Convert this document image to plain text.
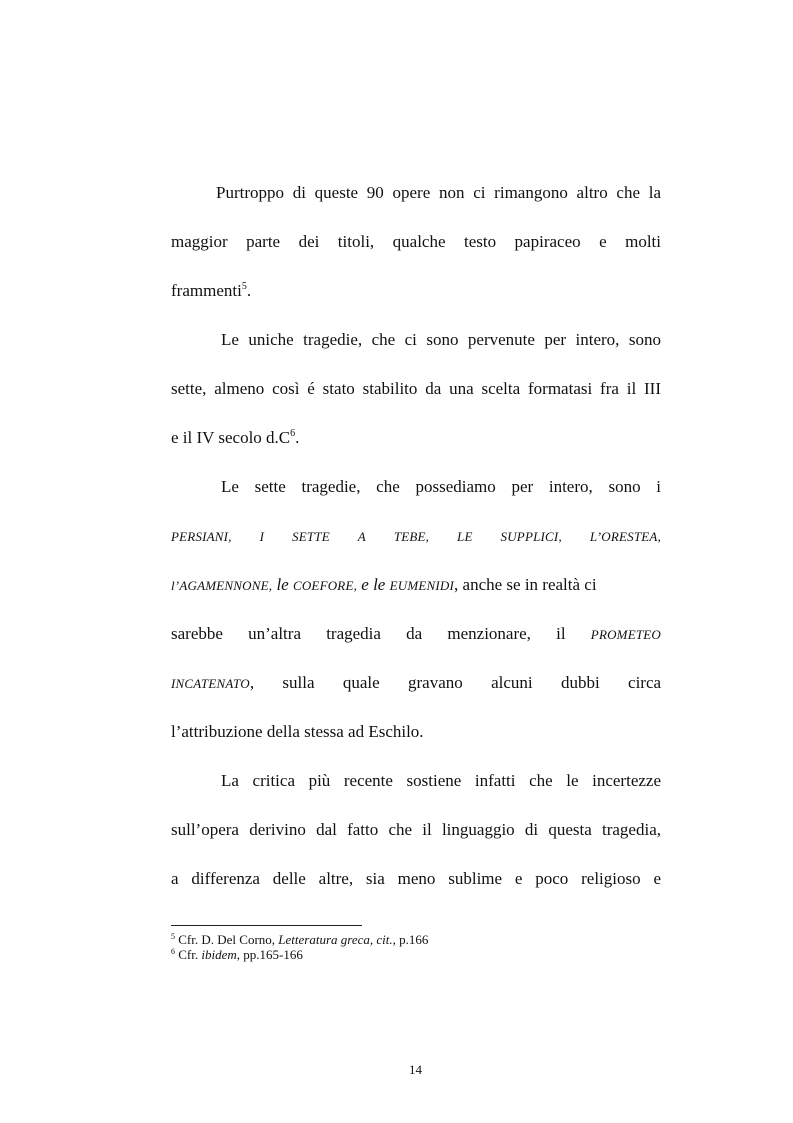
Purtroppo di queste 90 opere non ci rimangono altro che la
maggior parte dei titoli, qualche testo papiraceo e molti
frammenti$^5$.
Le uniche tragedie, che ci sono pervenute per intero, sono
sette, almeno così é stato stabilito da una scelta formatasi fra il III
e il IV secolo $d.C^6$.
Le sette tragedie, che possediamo per intero, sono i
PERSIANI, I SETTE A TEBE, LE SUPPLICI, L’ORESTEA,
l’AGAMENNONE, le COEFORE, e le EUMENIDI, anche se in realtà ci
sarebbe un’altra tragedia da menzionare, il PROMETEO
INCATENATO, sulla quale gravano alcuni dubbi circa
l’attribuzione della stessa ad Eschilo.
La critica più recente sostiene infatti che le incertezze
sull’opera derivino dal fatto che il linguaggio di questa tragedia,
a differenza delle altre, sia meno sublime e poco religioso e
$^5$ Cfr. D. Del Corno, Letteratura greca, cit., p.166
$^6$ Cfr. ibidem, pp.165-166
14
